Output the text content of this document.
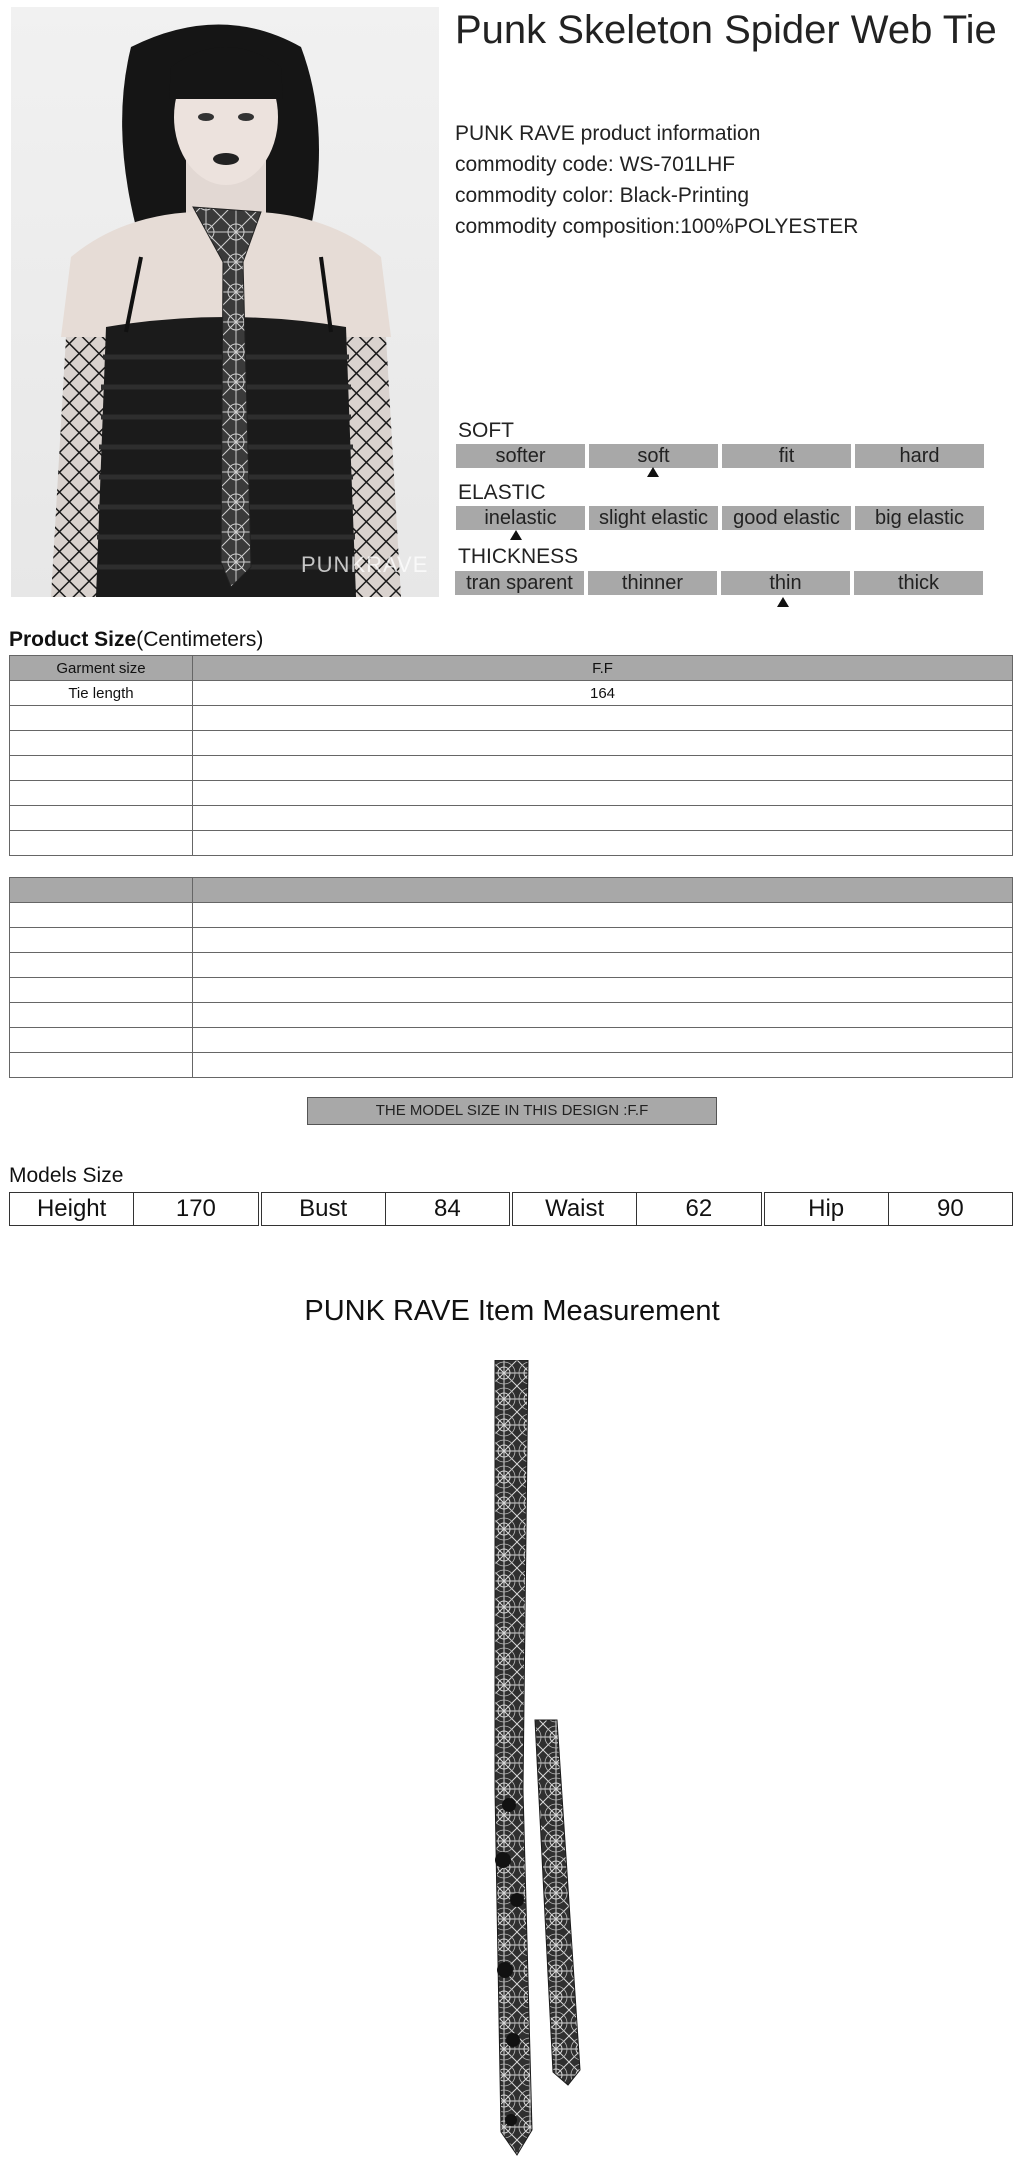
PUNKRAVE
Punk Skeleton Spider Web Tie
PUNK RAVE product information
commodity code: WS-701LHF
commodity color: Black-Printing
commodity composition:100%POLYESTER
SOFT
softer	soft	fit	hard
ELASTIC
inelastic	slight elastic	good elastic	big elastic
THICKNESS
tran sparent	thinner	thin	thick
Product Size(Centimeters)
Garment size	F.F
Tie length	164

THE MODEL SIZE IN THIS DESIGN :F.F
Models Size
Height	170	Bust	84	Waist	62	Hip	90
PUNK RAVE Item Measurement
